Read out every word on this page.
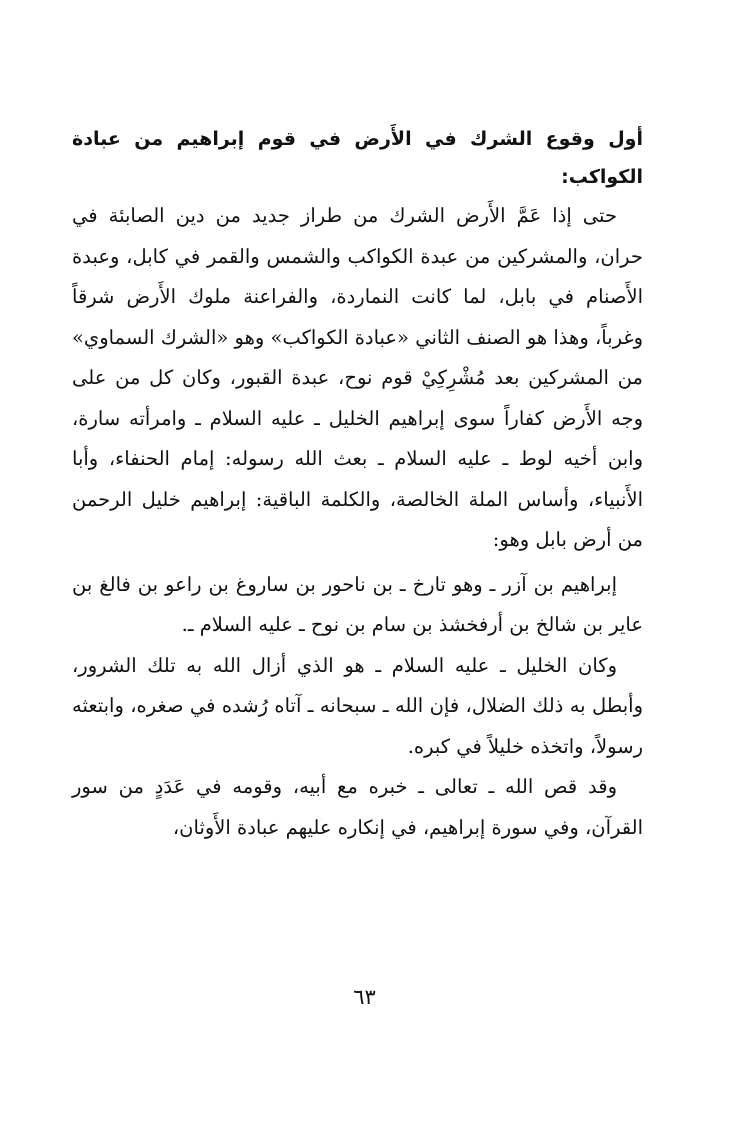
أول وقوع الشرك في الأَرض في قوم إبراهيم من عبادة الكواكب:

حتى إذا عَمَّ الأَرض الشرك من طراز جديد من دين الصابئة في حران، والمشركين من عبدة الكواكب والشمس والقمر في كابل، وعبدة الأَصنام في بابل، لما كانت النماردة، والفراعنة ملوك الأَرض شرقاً وغرباً، وهذا هو الصنف الثاني «عبادة الكواكب» وهو «الشرك السماوي» من المشركين بعد مُشْرِكِيْ قوم نوح، عبدة القبور، وكان كل من على وجه الأَرض كفاراً سوى إبراهيم الخليل ـ عليه السلام ـ وامرأته سارة، وابن أخيه لوط ـ عليه السلام ـ بعث الله رسوله: إمام الحنفاء، وأبا الأَنبياء، وأساس الملة الخالصة، والكلمة الباقية: إبراهيم خليل الرحمن من أرض بابل وهو:

إبراهيم بن آزر ـ وهو تارخ ـ بن ناحور بن ساروغ بن راعو بن فالغ بن عاير بن شالخ بن أرفخشذ بن سام بن نوح ـ عليه السلام ـ.

وكان الخليل ـ عليه السلام ـ هو الذي أزال الله به تلك الشرور، وأبطل به ذلك الضلال، فإن الله ـ سبحانه ـ آتاه رُشده في صغره، وابتعثه رسولاً، واتخذه خليلاً في كبره.

وقد قص الله ـ تعالى ـ خبره مع أبيه، وقومه في عَدَدٍ من سور القرآن، وفي سورة إبراهيم، في إنكاره عليهم عبادة الأَوثان،

٦٣
